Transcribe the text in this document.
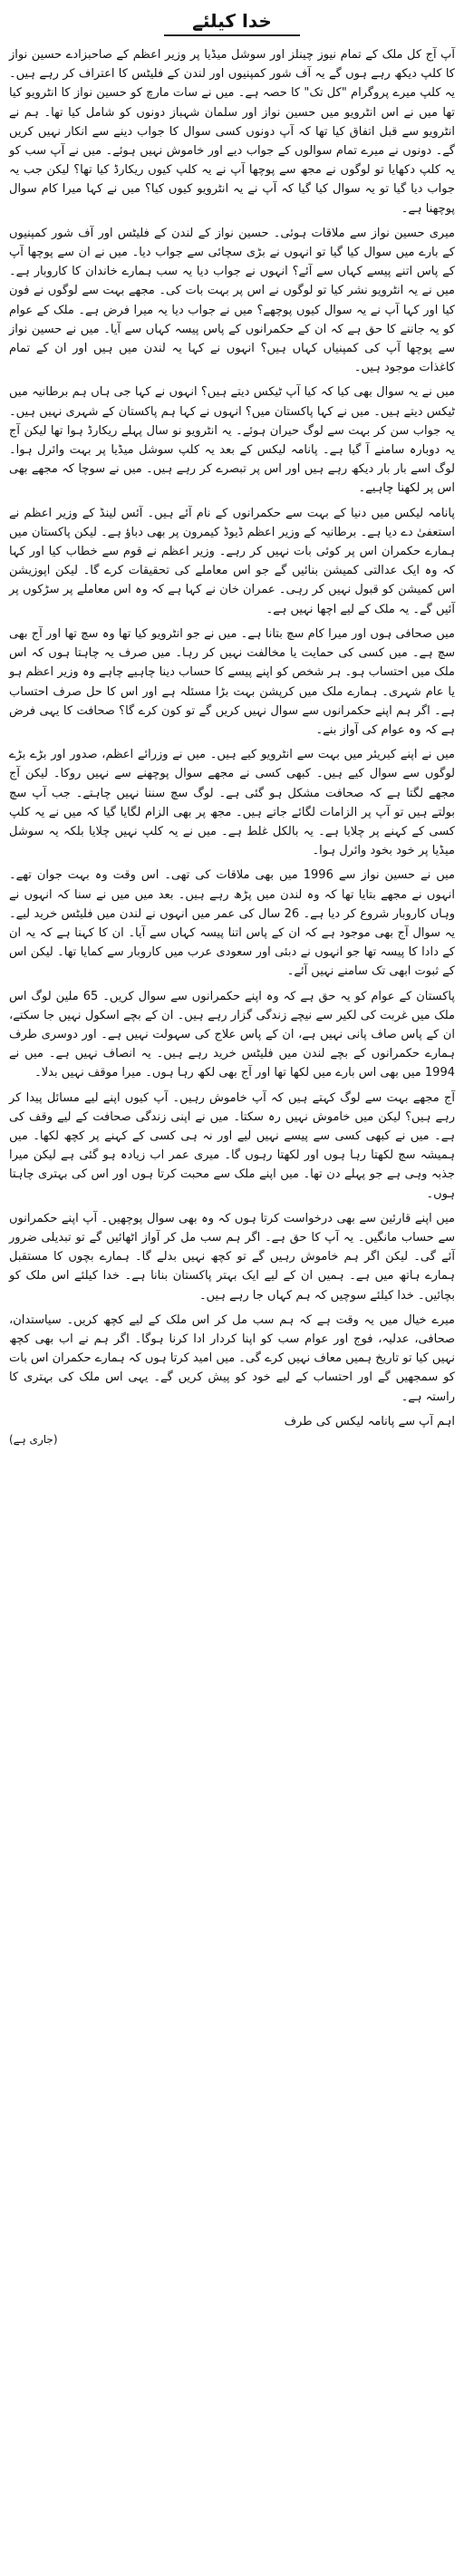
خدا کیلئے

آپ آج کل ملک کے تمام نیوز چینلز اور سوشل میڈیا پر وزیر اعظم کے صاحبزادے حسین نواز کا کلپ دیکھ رہے ہوں گے یہ آف شور کمپنیوں اور لندن کے فلیٹس کا اعتراف کر رہے ہیں۔ یہ کلپ میرے پروگرام "کل تک" کا حصہ ہے۔ میں نے سات مارچ کو حسین نواز کا انٹرویو کیا تھا میں نے اس انٹرویو میں حسین نواز اور سلمان شہباز دونوں کو شامل کیا تھا۔ ہم نے انٹرویو سے قبل اتفاق کیا تھا کہ آپ دونوں کسی سوال کا جواب دینے سے انکار نہیں کریں گے۔ دونوں نے میرے تمام سوالوں کے جواب دیے اور خاموش نہیں ہوئے۔ میں نے آپ سب کو یہ کلپ دکھایا تو لوگوں نے مجھ سے پوچھا آپ نے یہ کلپ کیوں ریکارڈ کیا تھا؟ لیکن جب یہ جواب دیا گیا تو یہ سوال کیا گیا کہ آپ نے یہ انٹرویو کیوں کیا؟ میں نے کہا میرا کام سوال پوچھنا ہے۔

میری حسین نواز سے ملاقات ہوئی۔ حسین نواز کے لندن کے فلیٹس اور آف شور کمپنیوں کے بارے میں سوال کیا گیا تو انہوں نے بڑی سچائی سے جواب دیا۔ میں نے ان سے پوچھا آپ کے پاس اتنے پیسے کہاں سے آئے؟ انہوں نے جواب دیا یہ سب ہمارے خاندان کا کاروبار ہے۔ میں نے یہ انٹرویو نشر کیا تو لوگوں نے اس پر بہت بات کی۔ مجھے بہت سے لوگوں نے فون کیا اور کہا آپ نے یہ سوال کیوں پوچھے؟ میں نے جواب دیا یہ میرا فرض ہے۔ ملک کے عوام کو یہ جاننے کا حق ہے کہ ان کے حکمرانوں کے پاس پیسہ کہاں سے آیا۔ میں نے حسین نواز سے پوچھا آپ کی کمپنیاں کہاں ہیں؟ انہوں نے کہا یہ لندن میں ہیں اور ان کے تمام کاغذات موجود ہیں۔

میں نے یہ سوال بھی کیا کہ کیا آپ ٹیکس دیتے ہیں؟ انہوں نے کہا جی ہاں ہم برطانیہ میں ٹیکس دیتے ہیں۔ میں نے کہا پاکستان میں؟ انہوں نے کہا ہم پاکستان کے شہری نہیں ہیں۔ یہ جواب سن کر بہت سے لوگ حیران ہوئے۔ یہ انٹرویو نو سال پہلے ریکارڈ ہوا تھا لیکن آج یہ دوبارہ سامنے آ گیا ہے۔ پانامہ لیکس کے بعد یہ کلپ سوشل میڈیا پر بہت وائرل ہوا۔ لوگ اسے بار بار دیکھ رہے ہیں اور اس پر تبصرے کر رہے ہیں۔ میں نے سوچا کہ مجھے بھی اس پر لکھنا چاہیے۔

پانامہ لیکس میں دنیا کے بہت سے حکمرانوں کے نام آئے ہیں۔ آئس لینڈ کے وزیر اعظم نے استعفیٰ دے دیا ہے۔ برطانیہ کے وزیر اعظم ڈیوڈ کیمرون پر بھی دباؤ ہے۔ لیکن پاکستان میں ہمارے حکمران اس پر کوئی بات نہیں کر رہے۔ وزیر اعظم نے قوم سے خطاب کیا اور کہا کہ وہ ایک عدالتی کمیشن بنائیں گے جو اس معاملے کی تحقیقات کرے گا۔ لیکن اپوزیشن اس کمیشن کو قبول نہیں کر رہی۔ عمران خان نے کہا ہے کہ وہ اس معاملے پر سڑکوں پر آئیں گے۔ یہ ملک کے لیے اچھا نہیں ہے۔

میں صحافی ہوں اور میرا کام سچ بتانا ہے۔ میں نے جو انٹرویو کیا تھا وہ سچ تھا اور آج بھی سچ ہے۔ میں کسی کی حمایت یا مخالفت نہیں کر رہا۔ میں صرف یہ چاہتا ہوں کہ اس ملک میں احتساب ہو۔ ہر شخص کو اپنے پیسے کا حساب دینا چاہیے چاہے وہ وزیر اعظم ہو یا عام شہری۔ ہمارے ملک میں کرپشن بہت بڑا مسئلہ ہے اور اس کا حل صرف احتساب ہے۔ اگر ہم اپنے حکمرانوں سے سوال نہیں کریں گے تو کون کرے گا؟ صحافت کا یہی فرض ہے کہ وہ عوام کی آواز بنے۔

میں نے اپنے کیریئر میں بہت سے انٹرویو کیے ہیں۔ میں نے وزرائے اعظم، صدور اور بڑے بڑے لوگوں سے سوال کیے ہیں۔ کبھی کسی نے مجھے سوال پوچھنے سے نہیں روکا۔ لیکن آج مجھے لگتا ہے کہ صحافت مشکل ہو گئی ہے۔ لوگ سچ سننا نہیں چاہتے۔ جب آپ سچ بولتے ہیں تو آپ پر الزامات لگائے جاتے ہیں۔ مجھ پر بھی الزام لگایا گیا کہ میں نے یہ کلپ کسی کے کہنے پر چلایا ہے۔ یہ بالکل غلط ہے۔ میں نے یہ کلپ نہیں چلایا بلکہ یہ سوشل میڈیا پر خود بخود وائرل ہوا۔

میں نے حسین نواز سے 1996 میں بھی ملاقات کی تھی۔ اس وقت وہ بہت جوان تھے۔ انہوں نے مجھے بتایا تھا کہ وہ لندن میں پڑھ رہے ہیں۔ بعد میں میں نے سنا کہ انہوں نے وہاں کاروبار شروع کر دیا ہے۔ 26 سال کی عمر میں انہوں نے لندن میں فلیٹس خرید لیے۔ یہ سوال آج بھی موجود ہے کہ ان کے پاس اتنا پیسہ کہاں سے آیا۔ ان کا کہنا ہے کہ یہ ان کے دادا کا پیسہ تھا جو انہوں نے دبئی اور سعودی عرب میں کاروبار سے کمایا تھا۔ لیکن اس کے ثبوت ابھی تک سامنے نہیں آئے۔

پاکستان کے عوام کو یہ حق ہے کہ وہ اپنے حکمرانوں سے سوال کریں۔ 65 ملین لوگ اس ملک میں غربت کی لکیر سے نیچے زندگی گزار رہے ہیں۔ ان کے بچے اسکول نہیں جا سکتے، ان کے پاس صاف پانی نہیں ہے، ان کے پاس علاج کی سہولت نہیں ہے۔ اور دوسری طرف ہمارے حکمرانوں کے بچے لندن میں فلیٹس خرید رہے ہیں۔ یہ انصاف نہیں ہے۔ میں نے 1994 میں بھی اس بارے میں لکھا تھا اور آج بھی لکھ رہا ہوں۔ میرا موقف نہیں بدلا۔

آج مجھے بہت سے لوگ کہتے ہیں کہ آپ خاموش رہیں۔ آپ کیوں اپنے لیے مسائل پیدا کر رہے ہیں؟ لیکن میں خاموش نہیں رہ سکتا۔ میں نے اپنی زندگی صحافت کے لیے وقف کی ہے۔ میں نے کبھی کسی سے پیسے نہیں لیے اور نہ ہی کسی کے کہنے پر کچھ لکھا۔ میں ہمیشہ سچ لکھتا رہا ہوں اور لکھتا رہوں گا۔ میری عمر اب زیادہ ہو گئی ہے لیکن میرا جذبہ وہی ہے جو پہلے دن تھا۔ میں اپنے ملک سے محبت کرتا ہوں اور اس کی بہتری چاہتا ہوں۔

میں اپنے قارئین سے بھی درخواست کرتا ہوں کہ وہ بھی سوال پوچھیں۔ آپ اپنے حکمرانوں سے حساب مانگیں۔ یہ آپ کا حق ہے۔ اگر ہم سب مل کر آواز اٹھائیں گے تو تبدیلی ضرور آئے گی۔ لیکن اگر ہم خاموش رہیں گے تو کچھ نہیں بدلے گا۔ ہمارے بچوں کا مستقبل ہمارے ہاتھ میں ہے۔ ہمیں ان کے لیے ایک بہتر پاکستان بنانا ہے۔ خدا کیلئے اس ملک کو بچائیں۔ خدا کیلئے سوچیں کہ ہم کہاں جا رہے ہیں۔

میرے خیال میں یہ وقت ہے کہ ہم سب مل کر اس ملک کے لیے کچھ کریں۔ سیاستدان، صحافی، عدلیہ، فوج اور عوام سب کو اپنا کردار ادا کرنا ہوگا۔ اگر ہم نے اب بھی کچھ نہیں کیا تو تاریخ ہمیں معاف نہیں کرے گی۔ میں امید کرتا ہوں کہ ہمارے حکمران اس بات کو سمجھیں گے اور احتساب کے لیے خود کو پیش کریں گے۔ یہی اس ملک کی بہتری کا راستہ ہے۔

اہم آپ سے پانامہ لیکس کی طرف
(جاری ہے)
